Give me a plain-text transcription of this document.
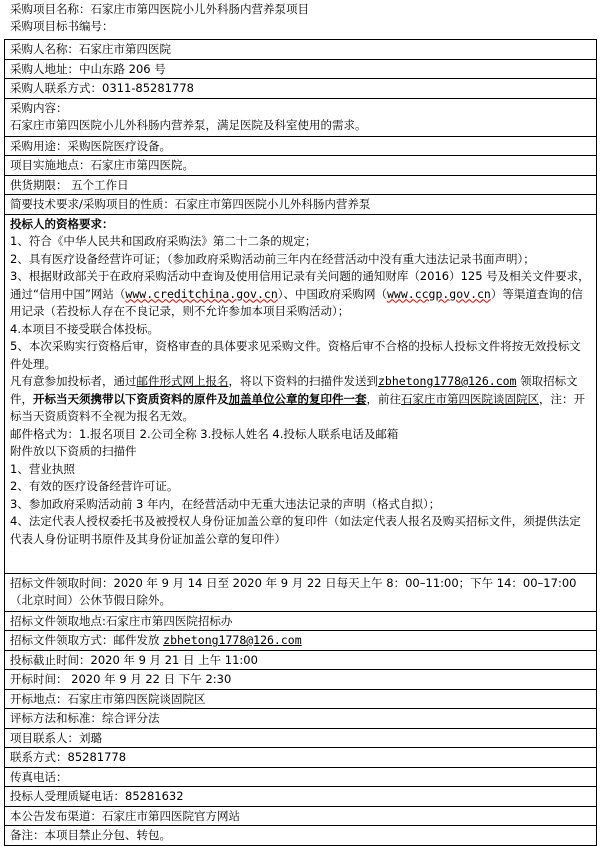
采购项目名称：石家庄市第四医院小儿外科肠内营养泵项目
采购项目标书编号：
采购人名称：石家庄市第四医院
采购人地址：中山东路 206 号
采购人联系方式：0311-85281778

采购内容：
石家庄市第四医院小儿外科肠内营养泵，满足医院及科室使用的需求。

采购用途：采购医院医疗设备。
项目实施地点：石家庄市第四医院。
供货期限： 五个工作日
简要技术要求/采购项目的性质：石家庄市第四医院小儿外科肠内营养泵

投标人的资格要求：
1、符合《中华人民共和国政府采购法》第二十二条的规定；
2、具有医疗设备经营许可证；（参加政府采购活动前三年内在经营活动中没有重大违法记录书面声明）；
3、根据财政部关于在政府采购活动中查询及使用信用记录有关问题的通知财库（2016）125 号及相关文件要求，通过“信用中国”网站（www.creditchina.gov.cn）、中国政府采购网（www.ccgp.gov.cn）等渠道查询的信用记录（若投标人存在不良记录，则不允许参加本项目采购活动）；
4.本项目不接受联合体投标。
5、本次采购实行资格后审，资格审查的具体要求见采购文件。资格后审不合格的投标人投标文件将按无效投标文件处理。
凡有意参加投标者，通过邮件形式网上报名，将以下资料的扫描件发送到zbhetong1778@126.com 领取招标文件，开标当天须携带以下资质资料的原件及加盖单位公章的复印件一套，前往石家庄市第四医院谈固院区，注：开标当天资质资料不全视为报名无效。
邮件格式为：1.报名项目 2.公司全称 3.投标人姓名 4.投标人联系电话及邮箱
附件放以下资质的扫描件
1、营业执照
2、有效的医疗设备经营许可证。
3、参加政府采购活动前 3 年内，在经营活动中无重大违法记录的声明（格式自拟）；
4、法定代表人授权委托书及被授权人身份证加盖公章的复印件（如法定代表人报名及购买招标文件，须提供法定代表人身份证明书原件及其身份证加盖公章的复印件）

招标文件领取时间：2020 年 9 月 14 日至 2020 年 9 月 22 日每天上午 8：00–11:00；下午 14：00–17:00（北京时间）公休节假日除外。
招标文件领取地点:石家庄市第四医院招标办
招标文件领取方式：邮件发放 zbhetong1778@126.com
投标截止时间：2020 年 9 月 21 日 上午 11:00
开标时间： 2020 年 9 月 22 日 下午 2:30
开标地点：石家庄市第四医院谈固院区
评标方法和标准：综合评分法
项目联系人：刘璐
联系方式：85281778
传真电话：
投标人受理质疑电话：85281632
本公告发布渠道：石家庄市第四医院官方网站
备注：本项目禁止分包、转包。
